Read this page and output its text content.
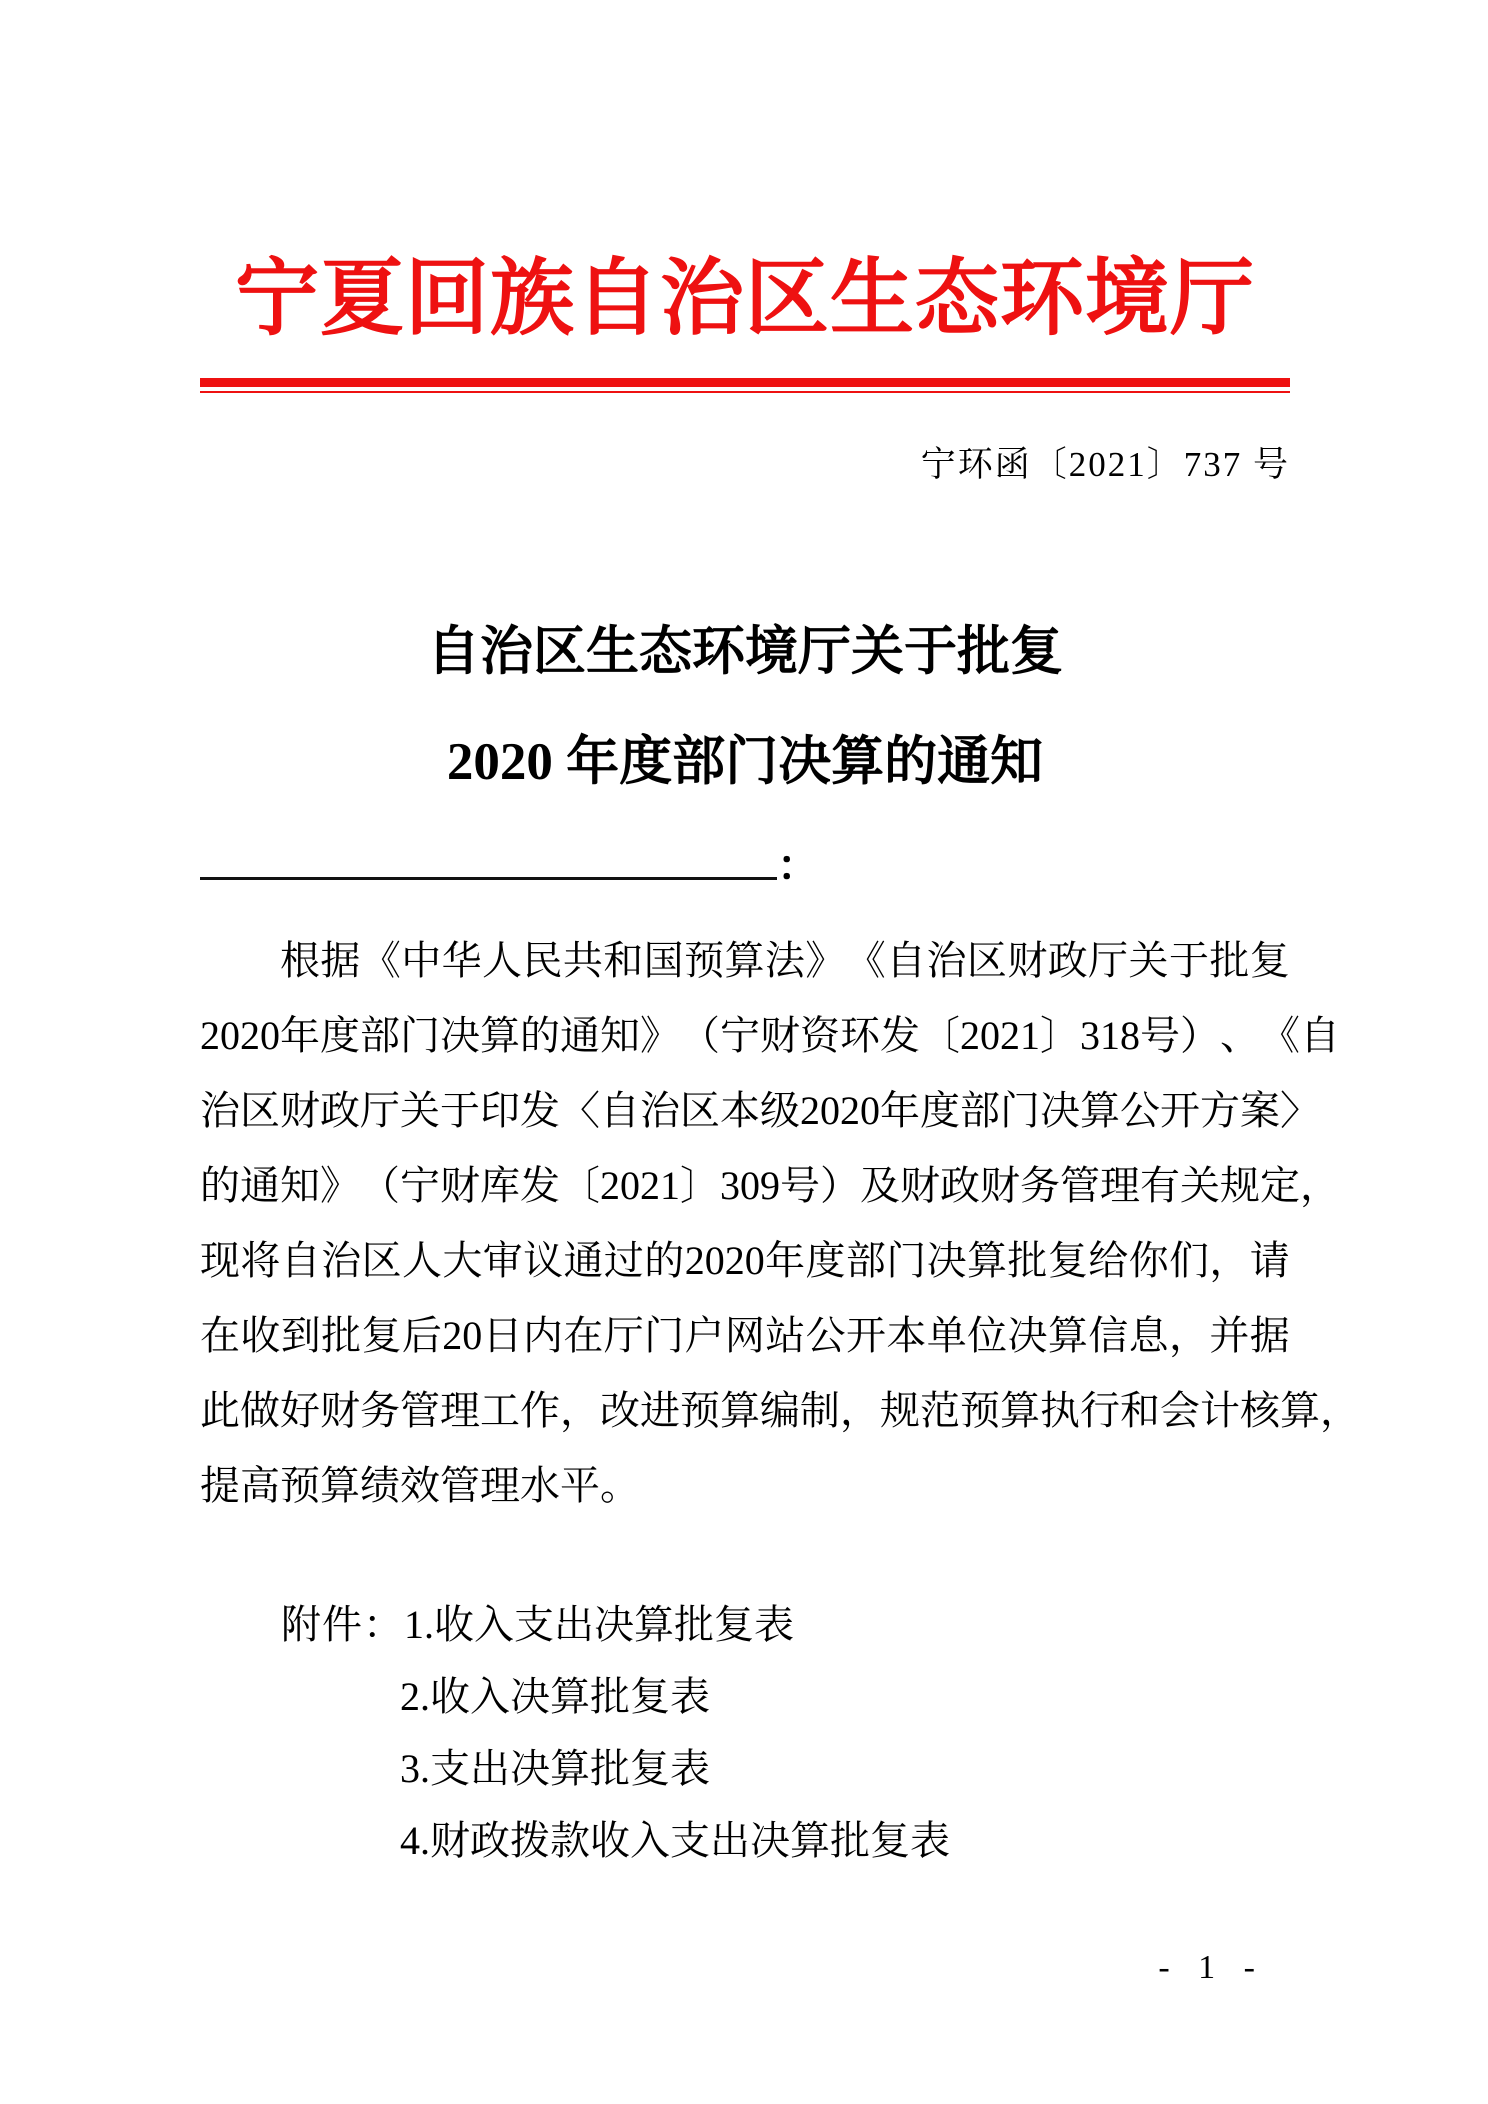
宁夏回族自治区生态环境厅
宁环函〔2021〕737 号
自治区生态环境厅关于批复
2020 年度部门决算的通知
：
根 据 《 中 华 人 民 共 和 国 预 算 法 》 《 自 治 区 财 政 厅 关 于 批 复
2020 年 度 部 门 决 算 的 通 知 》 （ 宁 财 资 环 发 〔 2021 〕 318 号 ） 、 《 自
治 区 财 政 厅 关 于 印 发 〈 自 治 区 本 级 2020 年 度 部 门 决 算 公 开 方 案 〉
的 通 知 》 （ 宁 财 库 发 〔 2021 〕 309 号 ） 及 财 政 财 务 管 理 有 关 规 定 ，
现 将 自 治 区 人 大 审 议 通 过 的 2020 年 度 部 门 决 算 批 复 给 你 们 ， 请
在 收 到 批 复 后 20 日 内 在 厅 门 户 网 站 公 开 本 单 位 决 算 信 息 ， 并 据
此 做 好 财 务 管 理 工 作 ， 改 进 预 算 编 制 ， 规 范 预 算 执 行 和 会 计 核 算 ，
提高预算绩效管理水平。
附件：1.收入支出决算批复表
2.收入决算批复表
3.支出决算批复表
4.财政拨款收入支出决算批复表
- 1 -
